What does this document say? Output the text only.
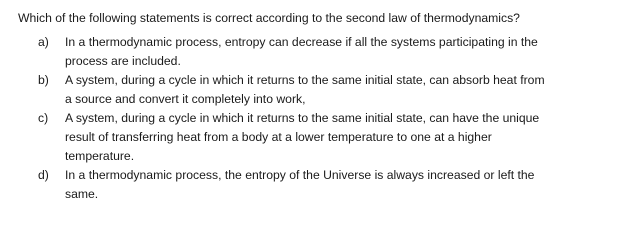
Which of the following statements is correct according to the second law of thermodynamics?
a)	In a thermodynamic process, entropy can decrease if all the systems participating in the
process are included.
b)	A system, during a cycle in which it returns to the same initial state, can absorb heat from
a source and convert it completely into work,
c)	A system, during a cycle in which it returns to the same initial state, can have the unique
result of transferring heat from a body at a lower temperature to one at a higher
temperature.
d)	In a thermodynamic process, the entropy of the Universe is always increased or left the
same.
